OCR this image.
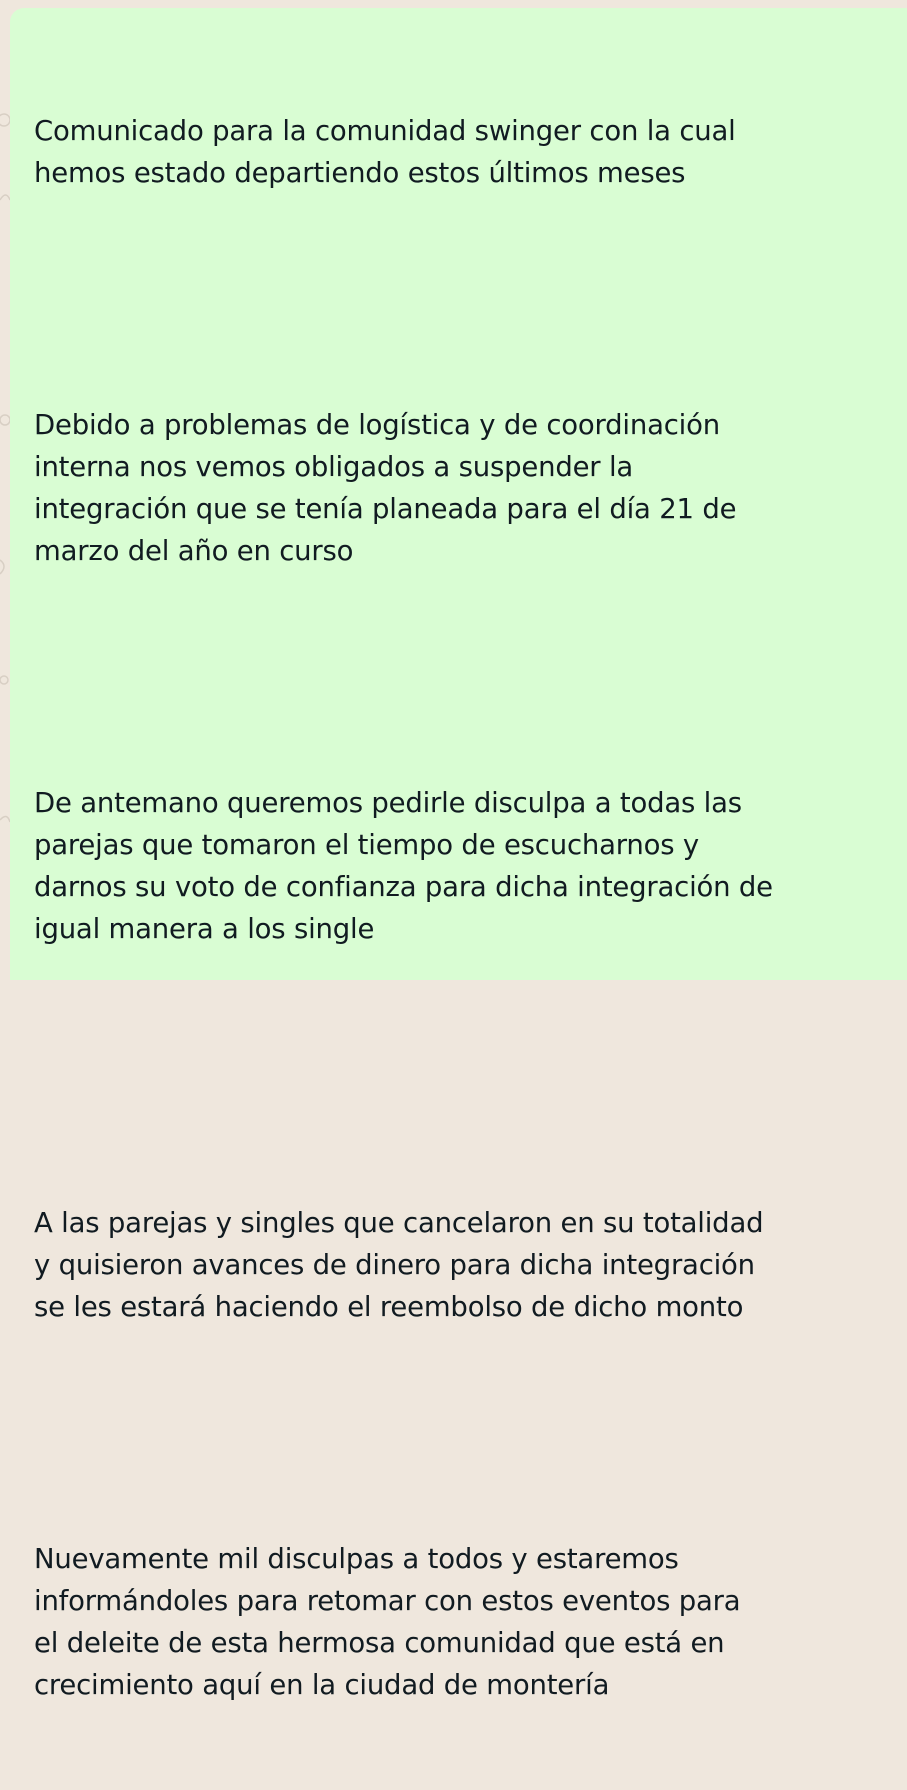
Comunicado para la comunidad swinger con la cual
hemos estado departiendo estos últimos meses

Debido a problemas de logística y de coordinación
interna nos vemos obligados a suspender la
integración que se tenía planeada para el día 21 de
marzo del año en curso

De antemano queremos pedirle disculpa a todas las
parejas que tomaron el tiempo de escucharnos y
darnos su voto de confianza para dicha integración de
igual manera a los single

A las parejas y singles que cancelaron en su totalidad
y quisieron avances de dinero para dicha integración
se les estará haciendo el reembolso de dicho monto

Nuevamente mil disculpas a todos y estaremos
informándoles para retomar con estos eventos para
el deleite de esta hermosa comunidad que está en
crecimiento aquí en la ciudad de montería
